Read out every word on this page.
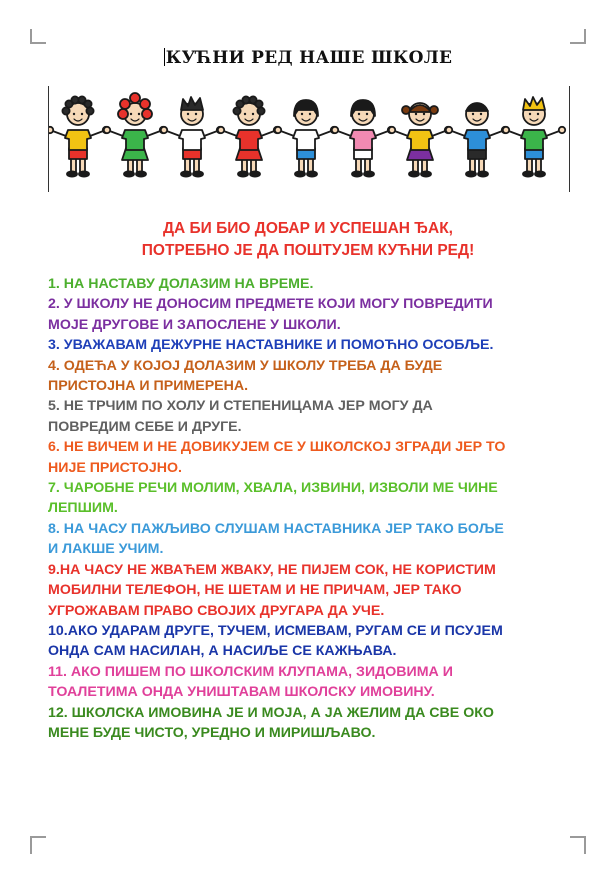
КУЋНИ РЕД НАШЕ ШКОЛЕ
ДА БИ БИО ДОБАР И УСПЕШАН ЂАК,
ПОТРЕБНО ЈЕ ДА ПОШТУЈЕМ КУЋНИ РЕД!

1. НА НАСТАВУ ДОЛАЗИМ НА ВРЕМЕ.

2. У ШКОЛУ НЕ ДОНОСИМ ПРЕДМЕТЕ КОЈИ МОГУ ПОВРЕДИТИ
МОЈЕ ДРУГОВЕ И ЗАПОСЛЕНЕ У ШКОЛИ.

3. УВАЖАВАМ ДЕЖУРНЕ НАСТАВНИКЕ И ПОМОЋНО ОСОБЉЕ.

4. ОДЕЋА У КОЈОЈ ДОЛАЗИМ У ШКОЛУ ТРЕБА ДА БУДЕ
ПРИСТОЈНА И ПРИМЕРЕНА.

5. НЕ ТРЧИМ ПО ХОЛУ И СТЕПЕНИЦАМА ЈЕР МОГУ ДА
ПОВРЕДИМ СЕБЕ И ДРУГЕ.

6. НЕ ВИЧЕМ И НЕ ДОВИКУЈЕМ СЕ У ШКОЛСКОЈ ЗГРАДИ ЈЕР ТО
НИЈЕ ПРИСТОЈНО.

7. ЧАРОБНЕ РЕЧИ МОЛИМ, ХВАЛА, ИЗВИНИ, ИЗВОЛИ МЕ ЧИНЕ
ЛЕПШИМ.

8. НА ЧАСУ ПАЖЉИВО СЛУШАМ НАСТАВНИКА ЈЕР ТАКО БОЉЕ
И ЛАКШЕ УЧИМ.

9.НА ЧАСУ НЕ ЖВАЋЕМ ЖВАКУ, НЕ ПИЈЕМ СОК, НЕ КОРИСТИМ
МОБИЛНИ ТЕЛЕФОН, НЕ ШЕТАМ И НЕ ПРИЧАМ, ЈЕР ТАКО
УГРОЖАВАМ ПРАВО СВОЈИХ ДРУГАРА ДА УЧЕ.

10.АКО УДАРАМ ДРУГЕ, ТУЧЕМ, ИСМЕВАМ, РУГАМ СЕ И ПСУЈЕМ
ОНДА САМ НАСИЛАН, А НАСИЉЕ СЕ КАЖЊАВА.

11. АКО ПИШЕМ ПО ШКОЛСКИМ КЛУПАМА, ЗИДОВИМА И
ТОАЛЕТИМА ОНДА УНИШТАВАМ ШКОЛСКУ ИМОВИНУ.

12. ШКОЛСКА ИМОВИНА ЈЕ И МОЈА, А ЈА ЖЕЛИМ ДА СВЕ ОКО
МЕНЕ БУДЕ ЧИСТО, УРЕДНО И МИРИШЉАВО.
